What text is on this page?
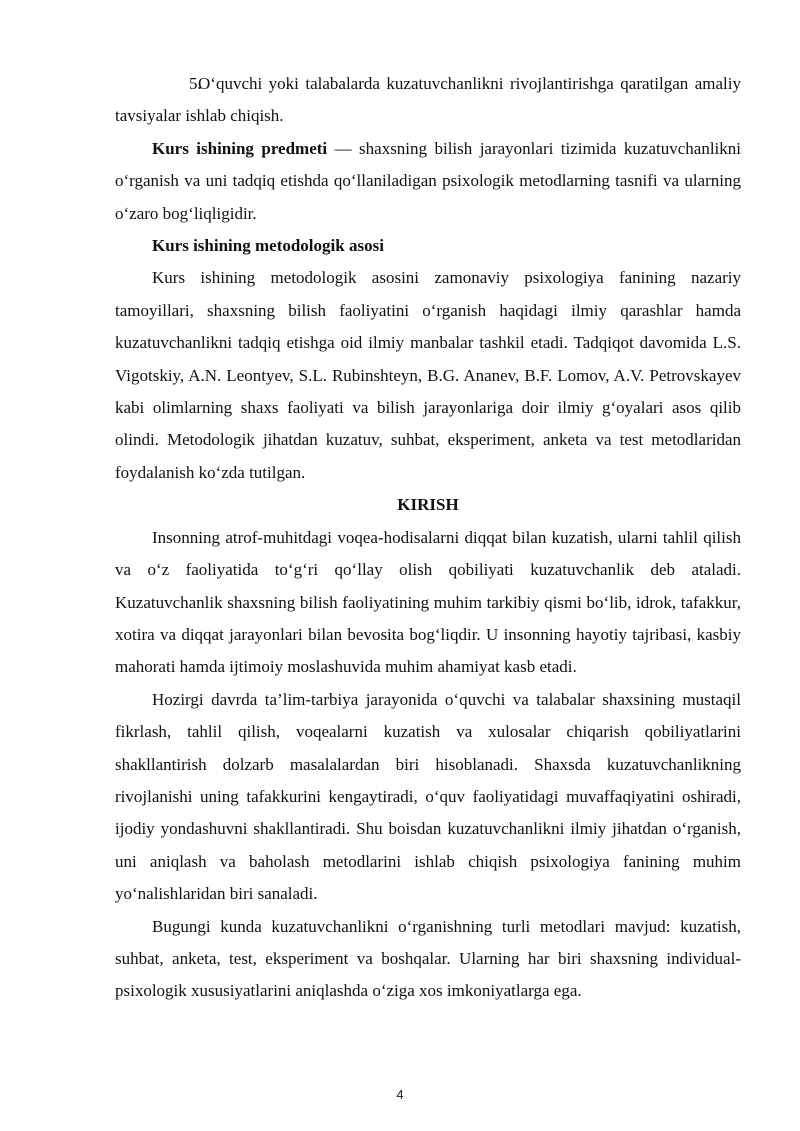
5.O‘quvchi yoki talabalarda kuzatuvchanlikni rivojlantirishga qaratilgan amaliy tavsiyalar ishlab chiqish.

Kurs ishining predmeti — shaxsning bilish jarayonlari tizimida kuzatuvchanlikni o‘rganish va uni tadqiq etishda qo‘llaniladigan psixologik metodlarning tasnifi va ularning o‘zaro bog‘liqligidir.

Kurs ishining metodologik asosi

Kurs ishining metodologik asosini zamonaviy psixologiya fanining nazariy tamoyillari, shaxsning bilish faoliyatini o‘rganish haqidagi ilmiy qarashlar hamda kuzatuvchanlikni tadqiq etishga oid ilmiy manbalar tashkil etadi. Tadqiqot davomida L.S. Vigotskiy, A.N. Leontyev, S.L. Rubinshteyn, B.G. Ananev, B.F. Lomov, A.V. Petrovskayev kabi olimlarning shaxs faoliyati va bilish jarayonlariga doir ilmiy g‘oyalari asos qilib olindi. Metodologik jihatdan kuzatuv, suhbat, eksperiment, anketa va test metodlaridan foydalanish ko‘zda tutilgan.

KIRISH

Insonning atrof-muhitdagi voqea-hodisalarni diqqat bilan kuzatish, ularni tahlil qilish va o‘z faoliyatida to‘g‘ri qo‘llay olish qobiliyati kuzatuvchanlik deb ataladi. Kuzatuvchanlik shaxsning bilish faoliyatining muhim tarkibiy qismi bo‘lib, idrok, tafakkur, xotira va diqqat jarayonlari bilan bevosita bog‘liqdir. U insonning hayotiy tajribasi, kasbiy mahorati hamda ijtimoiy moslashuvida muhim ahamiyat kasb etadi.

Hozirgi davrda ta’lim-tarbiya jarayonida o‘quvchi va talabalar shaxsining mustaqil fikrlash, tahlil qilish, voqealarni kuzatish va xulosalar chiqarish qobiliyatlarini shakllantirish dolzarb masalalardan biri hisoblanadi. Shaxsda kuzatuvchanlikning rivojlanishi uning tafakkurini kengaytiradi, o‘quv faoliyatidagi muvaffaqiyatini oshiradi, ijodiy yondashuvni shakllantiradi. Shu boisdan kuzatuvchanlikni ilmiy jihatdan o‘rganish, uni aniqlash va baholash metodlarini ishlab chiqish psixologiya fanining muhim yo‘nalishlaridan biri sanaladi.

Bugungi kunda kuzatuvchanlikni o‘rganishning turli metodlari mavjud: kuzatish, suhbat, anketa, test, eksperiment va boshqalar. Ularning har biri shaxsning individual-psixologik xususiyatlarini aniqlashda o‘ziga xos imkoniyatlarga ega.

4
